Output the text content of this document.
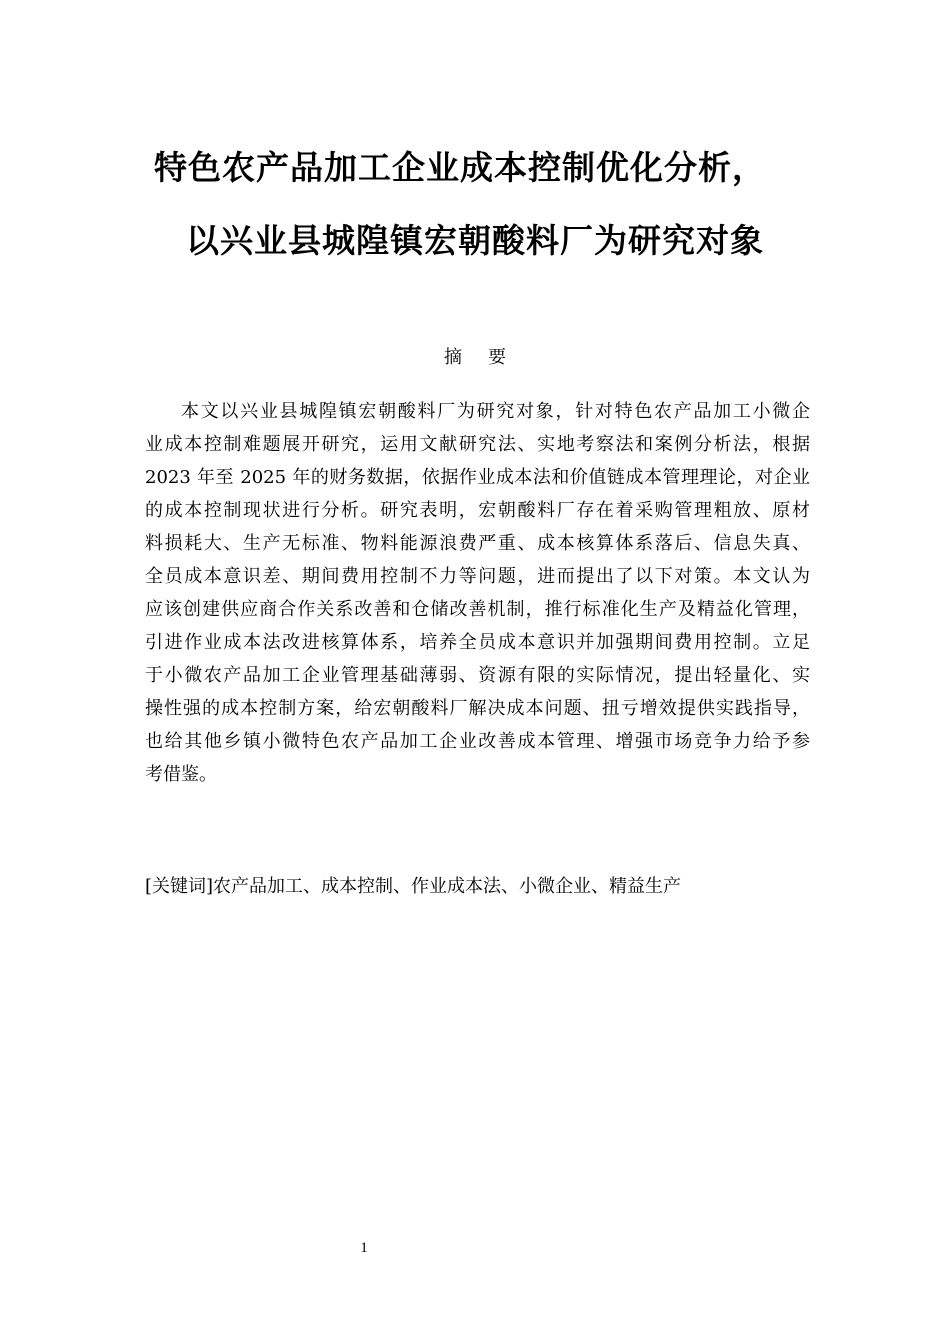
特色农产品加工企业成本控制优化分析，
以兴业县城隍镇宏朝酸料厂为研究对象
摘要
本文以兴业县城隍镇宏朝酸料厂为研究对象，针对特色农产品加工小微企
业成本控制难题展开研究，运用文献研究法、实地考察法和案例分析法，根据
2023 年至 2025 年的财务数据，依据作业成本法和价值链成本管理理论，对企业
的成本控制现状进行分析。研究表明，宏朝酸料厂存在着采购管理粗放、原材
料损耗大、生产无标准、物料能源浪费严重、成本核算体系落后、信息失真、
全员成本意识差、期间费用控制不力等问题，进而提出了以下对策。本文认为
应该创建供应商合作关系改善和仓储改善机制，推行标准化生产及精益化管理，
引进作业成本法改进核算体系，培养全员成本意识并加强期间费用控制。立足
于小微农产品加工企业管理基础薄弱、资源有限的实际情况，提出轻量化、实
操性强的成本控制方案，给宏朝酸料厂解决成本问题、扭亏增效提供实践指导，
也给其他乡镇小微特色农产品加工企业改善成本管理、增强市场竞争力给予参
考借鉴。
[关键词]农产品加工、成本控制、作业成本法、小微企业、精益生产
1
